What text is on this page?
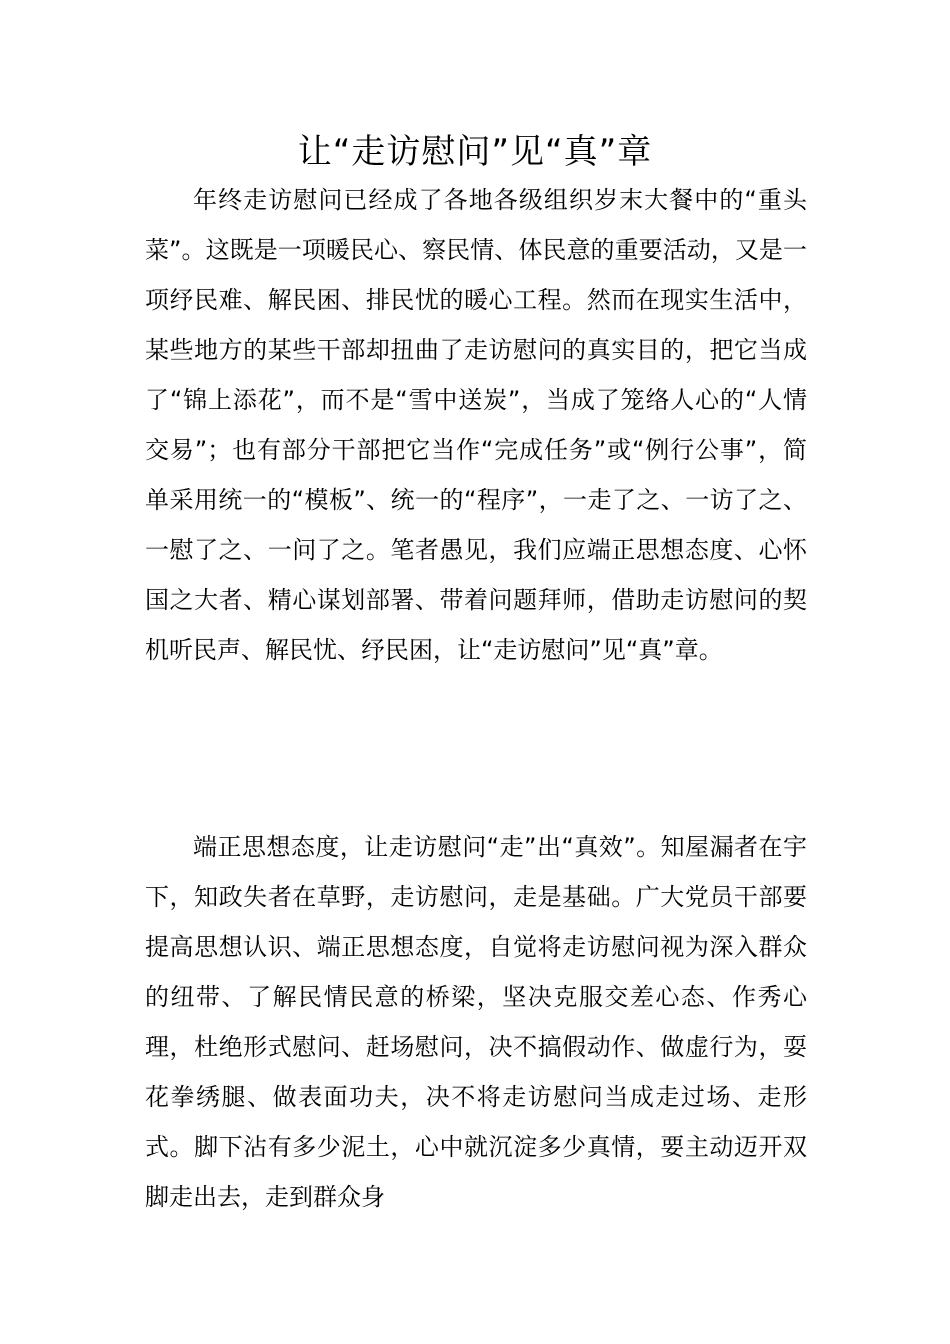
让“走访慰问”见“真”章

年终走访慰问已经成了各地各级组织岁末大餐中的“重头菜”。这既是一项暖民心、察民情、体民意的重要活动，又是一项纾民难、解民困、排民忧的暖心工程。然而在现实生活中，某些地方的某些干部却扭曲了走访慰问的真实目的，把它当成了“锦上添花”，而不是“雪中送炭”，当成了笼络人心的“人情交易”；也有部分干部把它当作“完成任务”或“例行公事”，简单采用统一的“模板”、统一的“程序”，一走了之、一访了之、一慰了之、一问了之。笔者愚见，我们应端正思想态度、心怀国之大者、精心谋划部署、带着问题拜师，借助走访慰问的契机听民声、解民忧、纾民困，让“走访慰问”见“真”章。

端正思想态度，让走访慰问“走”出“真效”。知屋漏者在宇下，知政失者在草野，走访慰问，走是基础。广大党员干部要提高思想认识、端正思想态度，自觉将走访慰问视为深入群众的纽带、了解民情民意的桥梁，坚决克服交差心态、作秀心理，杜绝形式慰问、赶场慰问，决不搞假动作、做虚行为，耍花拳绣腿、做表面功夫，决不将走访慰问当成走过场、走形式。脚下沾有多少泥土，心中就沉淀多少真情，要主动迈开双脚走出去，走到群众身
